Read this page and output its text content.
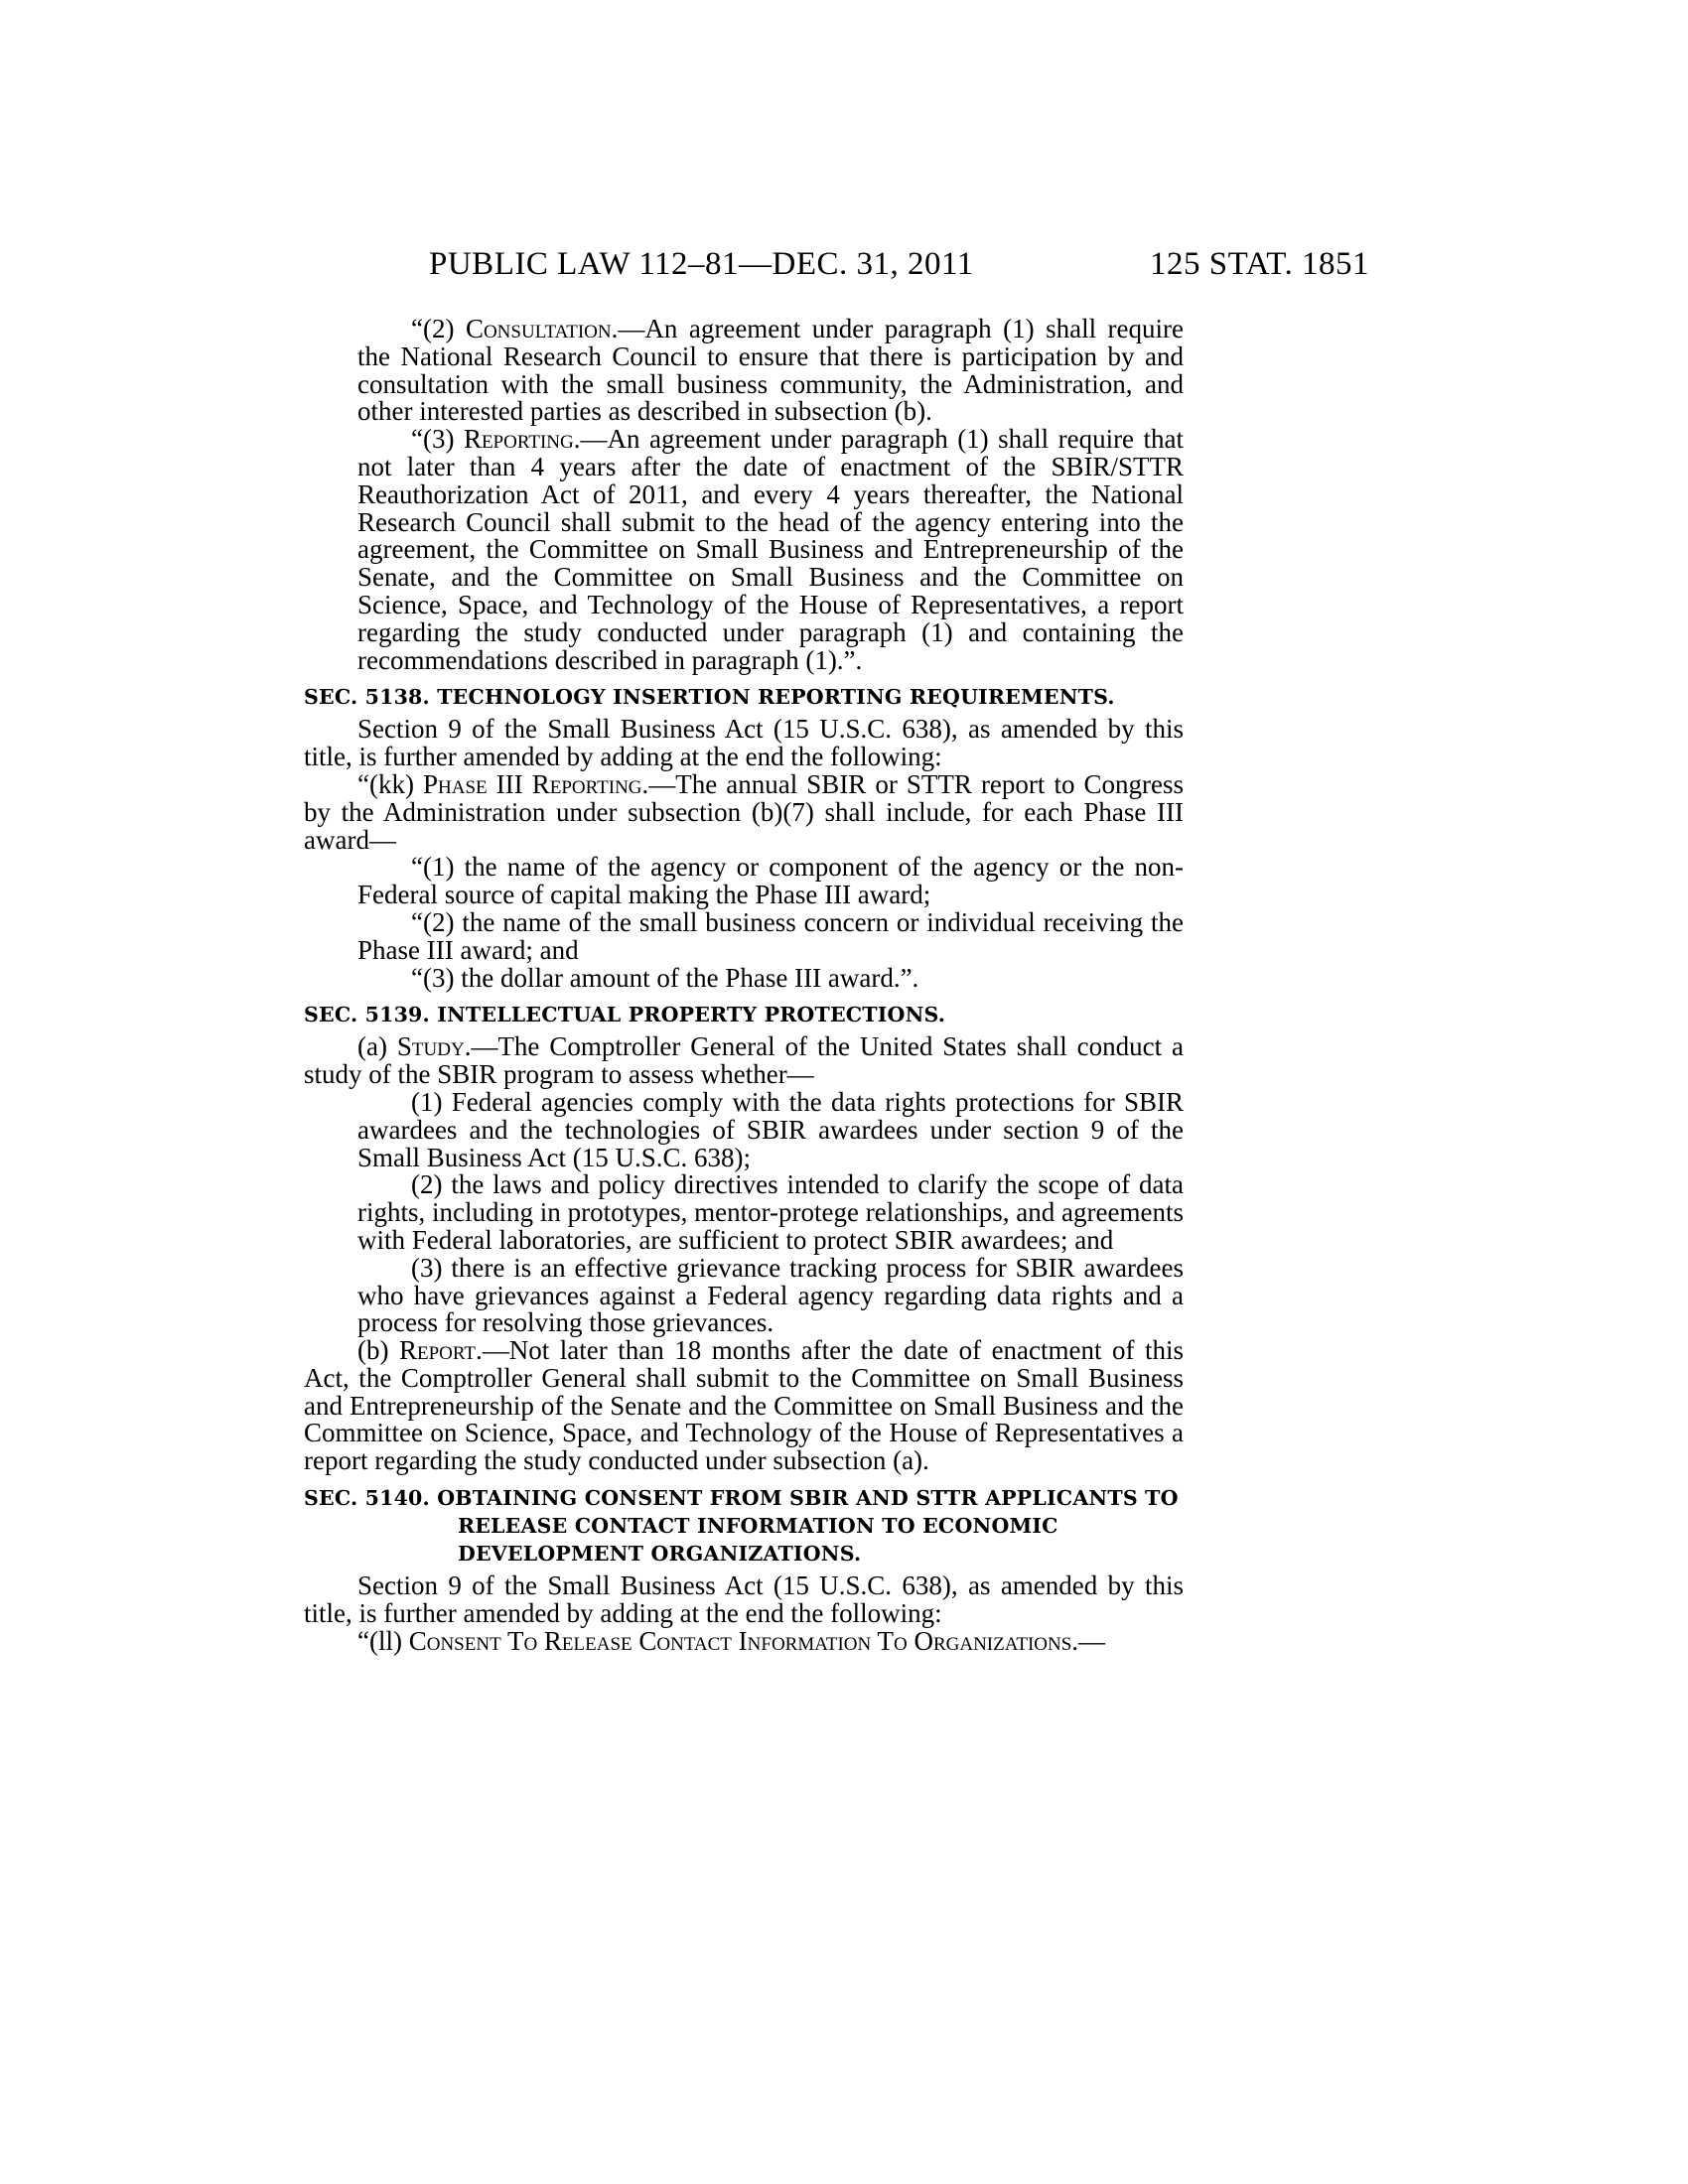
PUBLIC LAW 112–81—DEC. 31, 2011	125 STAT. 1851

“(2) Consultation.—An agreement under paragraph (1) shall require the National Research Council to ensure that there is participation by and consultation with the small business community, the Administration, and other interested parties as described in subsection (b).

“(3) Reporting.—An agreement under paragraph (1) shall require that not later than 4 years after the date of enactment of the SBIR/STTR Reauthorization Act of 2011, and every 4 years thereafter, the National Research Council shall submit to the head of the agency entering into the agreement, the Committee on Small Business and Entrepreneurship of the Senate, and the Committee on Small Business and the Committee on Science, Space, and Technology of the House of Representatives, a report regarding the study conducted under paragraph (1) and containing the recommendations described in paragraph (1).”.

SEC. 5138. TECHNOLOGY INSERTION REPORTING REQUIREMENTS.

Section 9 of the Small Business Act (15 U.S.C. 638), as amended by this title, is further amended by adding at the end the following:

“(kk) Phase III Reporting.—The annual SBIR or STTR report to Congress by the Administration under subsection (b)(7) shall include, for each Phase III award—

“(1) the name of the agency or component of the agency or the non-Federal source of capital making the Phase III award;

“(2) the name of the small business concern or individual receiving the Phase III award; and

“(3) the dollar amount of the Phase III award.”.

SEC. 5139. INTELLECTUAL PROPERTY PROTECTIONS.

(a) Study.—The Comptroller General of the United States shall conduct a study of the SBIR program to assess whether—

(1) Federal agencies comply with the data rights protections for SBIR awardees and the technologies of SBIR awardees under section 9 of the Small Business Act (15 U.S.C. 638);

(2) the laws and policy directives intended to clarify the scope of data rights, including in prototypes, mentor-protege relationships, and agreements with Federal laboratories, are sufficient to protect SBIR awardees; and

(3) there is an effective grievance tracking process for SBIR awardees who have grievances against a Federal agency regarding data rights and a process for resolving those grievances.

(b) Report.—Not later than 18 months after the date of enactment of this Act, the Comptroller General shall submit to the Committee on Small Business and Entrepreneurship of the Senate and the Committee on Small Business and the Committee on Science, Space, and Technology of the House of Representatives a report regarding the study conducted under subsection (a).

SEC. 5140. OBTAINING CONSENT FROM SBIR AND STTR APPLICANTS TO RELEASE CONTACT INFORMATION TO ECONOMIC DEVELOPMENT ORGANIZATIONS.

Section 9 of the Small Business Act (15 U.S.C. 638), as amended by this title, is further amended by adding at the end the following:

“(ll) Consent To Release Contact Information To Organizations.—
